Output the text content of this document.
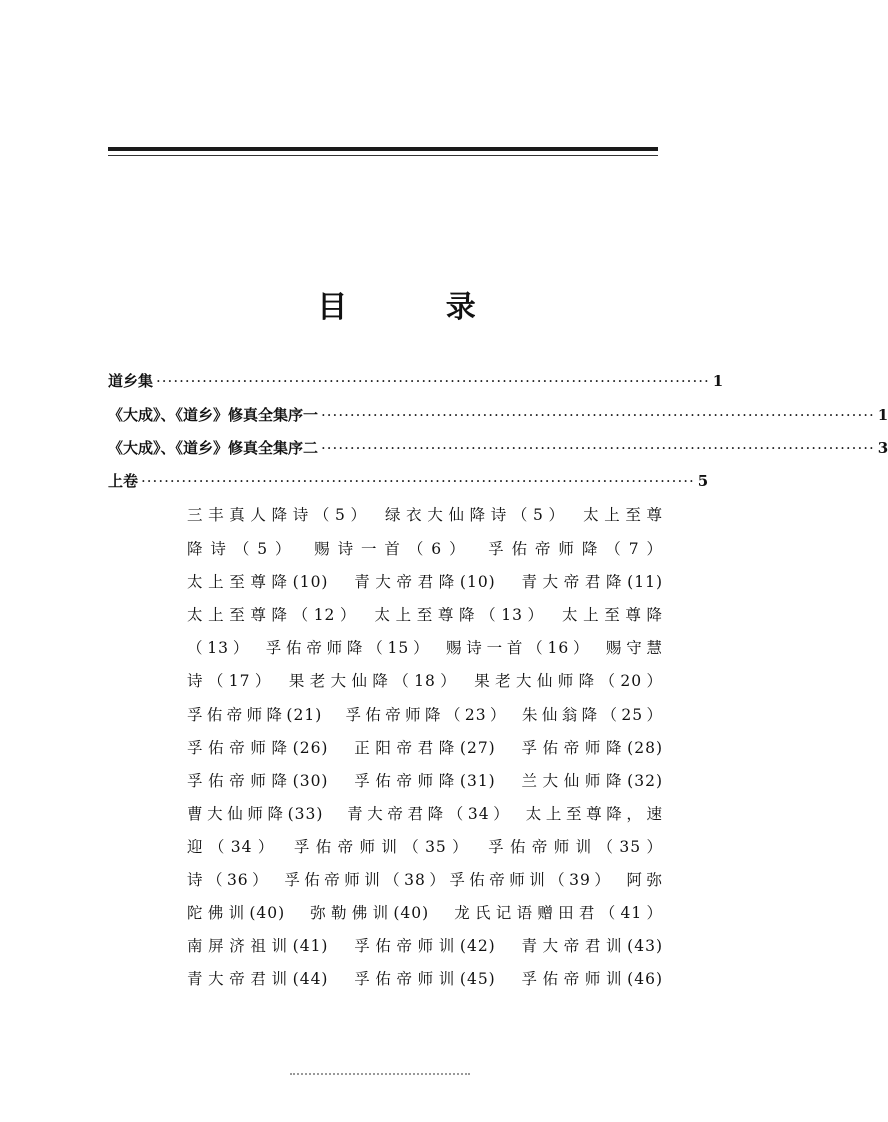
目 录
道乡集 ································································································ 1
《大成》、《道乡》修真全集序一 ································································································ 1
《大成》、《道乡》修真全集序二 ································································································ 3
上卷 ································································································ 5
三丰真人降诗（5）　绿衣大仙降诗（5）　太上至尊
降诗（5）　赐诗一首（6）　孚佑帝师降（7）
太上至尊降(10)　青大帝君降(10)　青大帝君降(11)
太上至尊降（12）　太上至尊降（13）　太上至尊降
（13）　孚佑帝师降（15）　赐诗一首（16）　赐守慧
诗（17）　果老大仙降（18）　果老大仙师降（20）
孚佑帝师降(21)　孚佑帝师降（23）　朱仙翁降（25）
孚佑帝师降(26)　正阳帝君降(27)　孚佑帝师降(28)
孚佑帝师降(30)　孚佑帝师降(31)　兰大仙师降(32)
曹大仙师降(33)　青大帝君降（34）　太上至尊降，速
迎（34）　孚佑帝师训（35）　孚佑帝师训（35）
诗（36）　孚佑帝师训（38）孚佑帝师训（39）　阿弥
陀佛训(40)　弥勒佛训(40)　龙氏记语赠田君（41）
南屏济祖训(41)　孚佑帝师训(42)　青大帝君训(43)
青大帝君训(44)　孚佑帝师训(45)　孚佑帝师训(46)
